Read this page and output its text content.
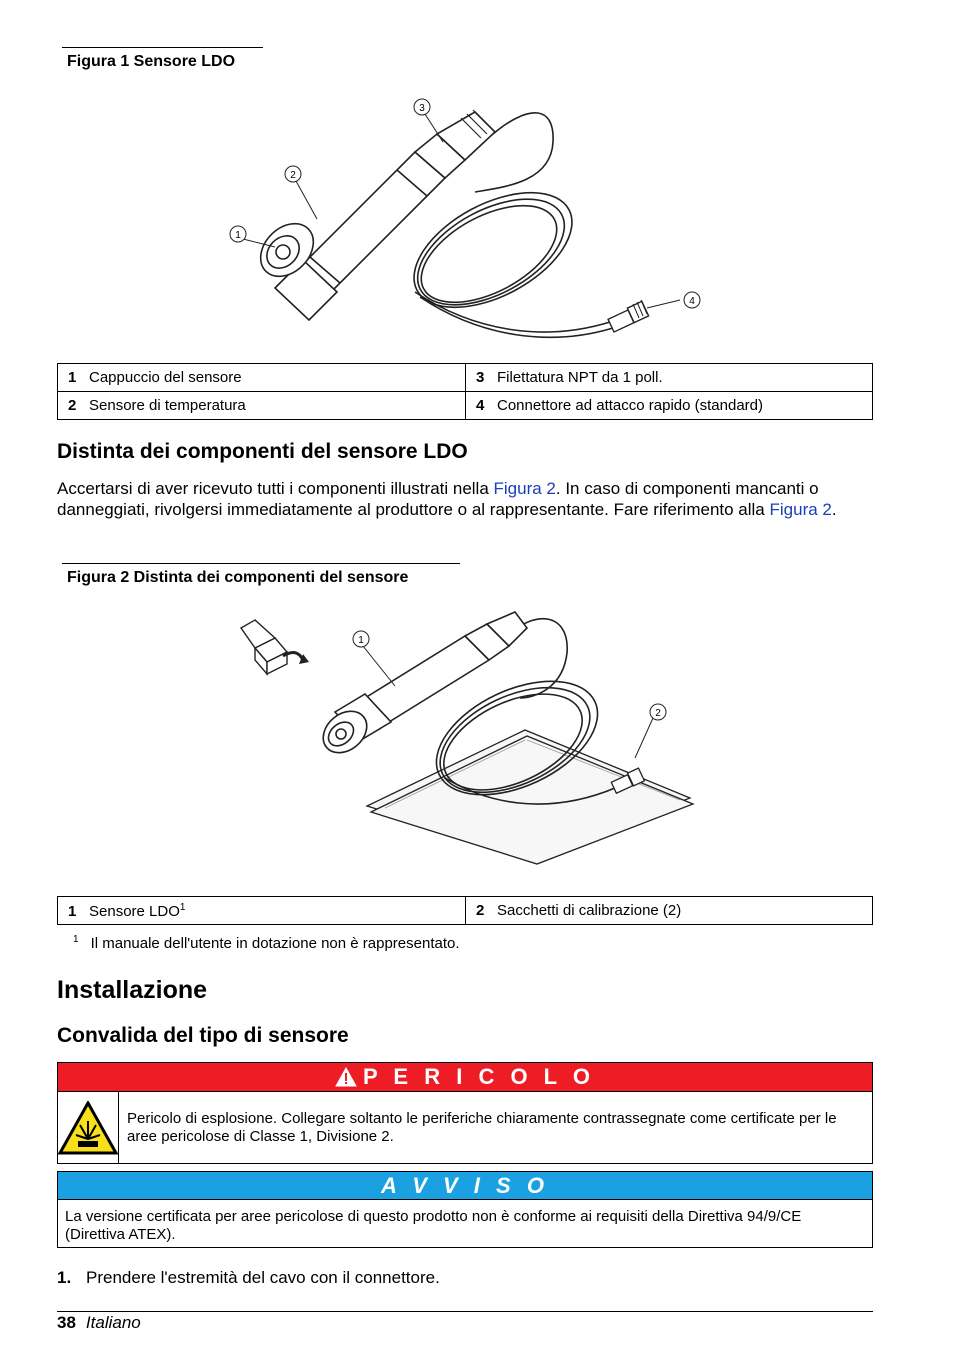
Figura 1 Sensore LDO
1
2
3
4
1 Cappuccio del sensore	3 Filettatura NPT da 1 poll.
2 Sensore di temperatura	4 Connettore ad attacco rapido (standard)
Distinta dei componenti del sensore LDO

Accertarsi di aver ricevuto tutti i componenti illustrati nella Figura 2. In caso di componenti mancanti o danneggiati, rivolgersi immediatamente al produttore o al rappresentante. Fare riferimento alla Figura 2.

Figura 2 Distinta dei componenti del sensore
1
2
1 Sensore LDO$^1$	2 Sacchetti di calibrazione (2)
$^1$ Il manuale dell'utente in dotazione non è rappresentato.
Installazione
Convalida del tipo di sensore
P E R I C O L O
Pericolo di esplosione. Collegare soltanto le periferiche chiaramente contrassegnate come certificate per le aree pericolose di Classe 1, Divisione 2.
A V V I S O
La versione certificata per aree pericolose di questo prodotto non è conforme ai requisiti della Direttiva 94/9/CE (Direttiva ATEX).
1. Prendere l'estremità del cavo con il connettore.
38 Italiano
